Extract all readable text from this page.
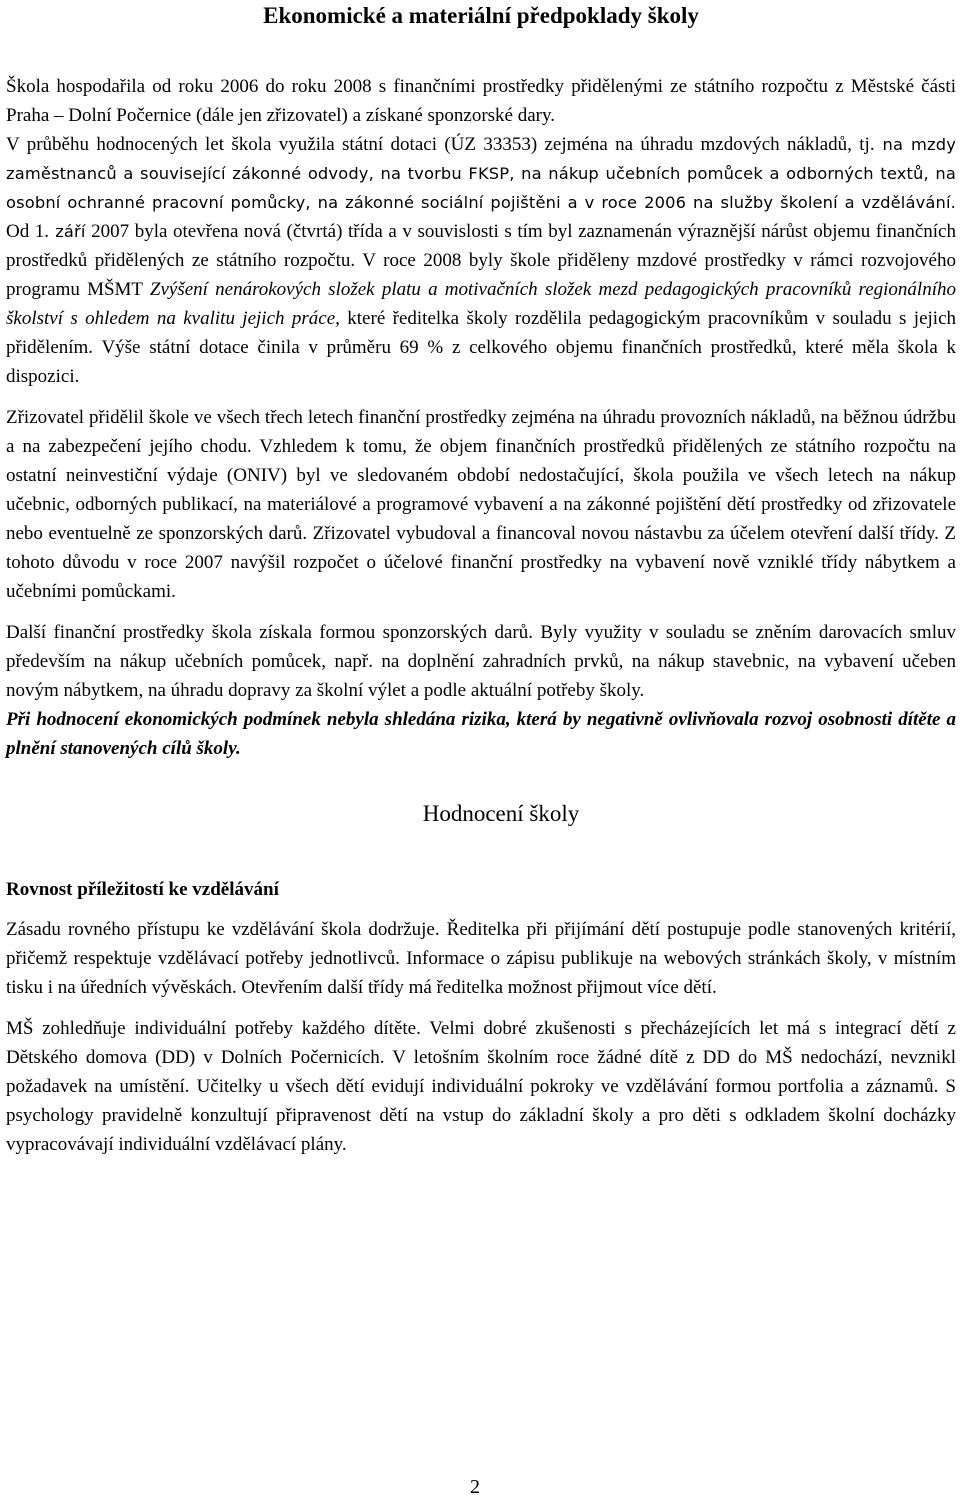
Ekonomické a materiální předpoklady školy

Škola hospodařila od roku 2006 do roku 2008 s finančními prostředky přidělenými ze státního rozpočtu z Městské části Praha – Dolní Počernice (dále jen zřizovatel) a získané sponzorské dary.

V průběhu hodnocených let škola využila státní dotaci (ÚZ 33353) zejména na úhradu mzdových nákladů, tj. na mzdy zaměstnanců a související zákonné odvody, na tvorbu FKSP, na nákup učebních pomůcek a odborných textů, na osobní ochranné pracovní pomůcky, na zákonné sociální pojištěni a v roce 2006 na služby školení a vzdělávání. Od 1. září 2007 byla otevřena nová (čtvrtá) třída a v souvislosti s tím byl zaznamenán výraznější nárůst objemu finančních prostředků přidělených ze státního rozpočtu. V roce 2008 byly škole přiděleny mzdové prostředky v rámci rozvojového programu MŠMT Zvýšení nenárokových složek platu a motivačních složek mezd pedagogických pracovníků regionálního školství s ohledem na kvalitu jejich práce, které ředitelka školy rozdělila pedagogickým pracovníkům v souladu s jejich přidělením. Výše státní dotace činila v průměru 69 % z celkového objemu finančních prostředků, které měla škola k dispozici.

Zřizovatel přidělil škole ve všech třech letech finanční prostředky zejména na úhradu provozních nákladů, na běžnou údržbu a na zabezpečení jejího chodu. Vzhledem k tomu, že objem finančních prostředků přidělených ze státního rozpočtu na ostatní neinvestiční výdaje (ONIV) byl ve sledovaném období nedostačující, škola použila ve všech letech na nákup učebnic, odborných publikací, na materiálové a programové vybavení a na zákonné pojištění dětí prostředky od zřizovatele nebo eventuelně ze sponzorských darů. Zřizovatel vybudoval a financoval novou nástavbu za účelem otevření další třídy. Z tohoto důvodu v roce 2007 navýšil rozpočet o účelové finanční prostředky na vybavení nově vzniklé třídy nábytkem a učebními pomůckami.

Další finanční prostředky škola získala formou sponzorských darů. Byly využity v souladu se zněním darovacích smluv především na nákup učebních pomůcek, např. na doplnění zahradních prvků, na nákup stavebnic, na vybavení učeben novým nábytkem, na úhradu dopravy za školní výlet a podle aktuální potřeby školy.

Při hodnocení ekonomických podmínek nebyla shledána rizika, která by negativně ovlivňovala rozvoj osobnosti dítěte a plnění stanovených cílů školy.

Hodnocení školy
Rovnost příležitostí ke vzdělávání

Zásadu rovného přístupu ke vzdělávání škola dodržuje. Ředitelka při přijímání dětí postupuje podle stanovených kritérií, přičemž respektuje vzdělávací potřeby jednotlivců. Informace o zápisu publikuje na webových stránkách školy, v místním tisku i na úředních vývěskách. Otevřením další třídy má ředitelka možnost přijmout více dětí.

MŠ zohledňuje individuální potřeby každého dítěte. Velmi dobré zkušenosti s přecházejících let má s integrací dětí z Dětského domova (DD) v Dolních Počernicích. V letošním školním roce žádné dítě z DD do MŠ nedochází, nevznikl požadavek na umístění. Učitelky u všech dětí evidují individuální pokroky ve vzdělávání formou portfolia a záznamů. S psychology pravidelně konzultují připravenost dětí na vstup do základní školy a pro děti s odkladem školní docházky vypracovávají individuální vzdělávací plány.

2
